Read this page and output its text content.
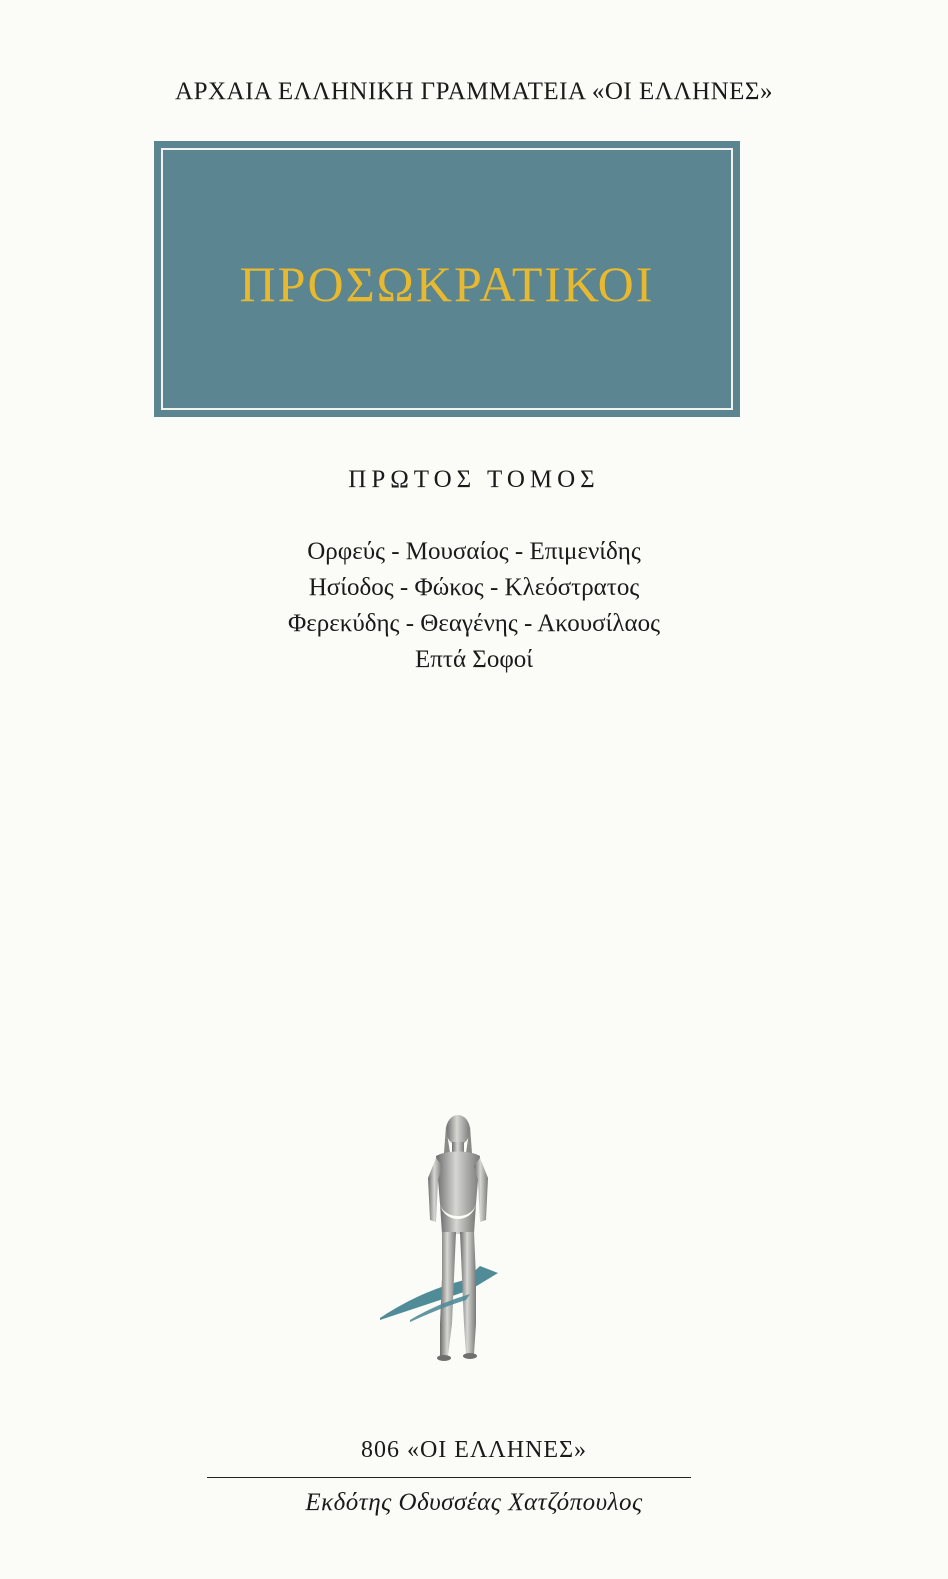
ΑΡΧΑΙΑ ΕΛΛΗΝΙΚΗ ΓΡΑΜΜΑΤΕΙΑ «ΟΙ ΕΛΛΗΝΕΣ»
ΠΡΟΣΩΚΡΑΤΙΚΟΙ
ΠΡΩΤΟΣ ΤΟΜΟΣ
Ορφεύς - Μουσαίος - Επιμενίδης
Ησίοδος - Φώκος - Κλεόστρατος
Φερεκύδης - Θεαγένης - Ακουσίλαος
Επτά Σοφοί
806 «ΟΙ ΕΛΛΗΝΕΣ»
Εκδότης Οδυσσέας Χατζόπουλος
